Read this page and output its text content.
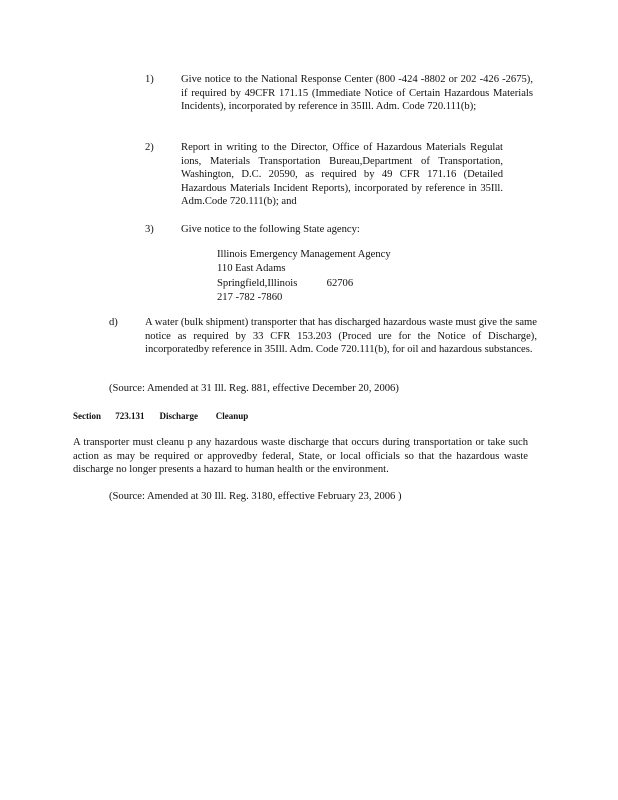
1)	Give notice to the National Response Center (800 -424 -8802 or 202 -426 -2675), if required by 49CFR 171.15 (Immediate Notice of Certain Hazardous Materials Incidents), incorporated by reference in 35Ill. Adm. Code 720.111(b);

2)	Report in writing to the Director, Office of Hazardous Materials Regulat ions, Materials Transportation Bureau,Department of Transportation, Washington, D.C. 20590, as required by 49 CFR 171.16 (Detailed Hazardous Materials Incident Reports), incorporated by reference in 35Ill. Adm.Code 720.111(b); and

3)	Give notice to the following State agency:

Illinois Emergency Management Agency
110 East Adams
Springfield,Illinois	62706
217 -782 -7860
d)	A water (bulk shipment) transporter that has discharged hazardous waste must give the same notice as required by 33 CFR 153.203 (Proced ure for the Notice of Discharge), incorporatedby reference in 35Ill. Adm. Code 720.111(b), for oil and hazardous substances.

(Source: Amended at 31 Ill. Reg. 881, effective December 20, 2006)
Section 723.131 Discharge Cleanup

A transporter must cleanu p any hazardous waste discharge that occurs during transportation or take such action as may be required or approvedby federal, State, or local officials so that the hazardous waste discharge no longer presents a hazard to human health or the environment.

(Source: Amended at 30 Ill. Reg. 3180, effective February 23, 2006 )
